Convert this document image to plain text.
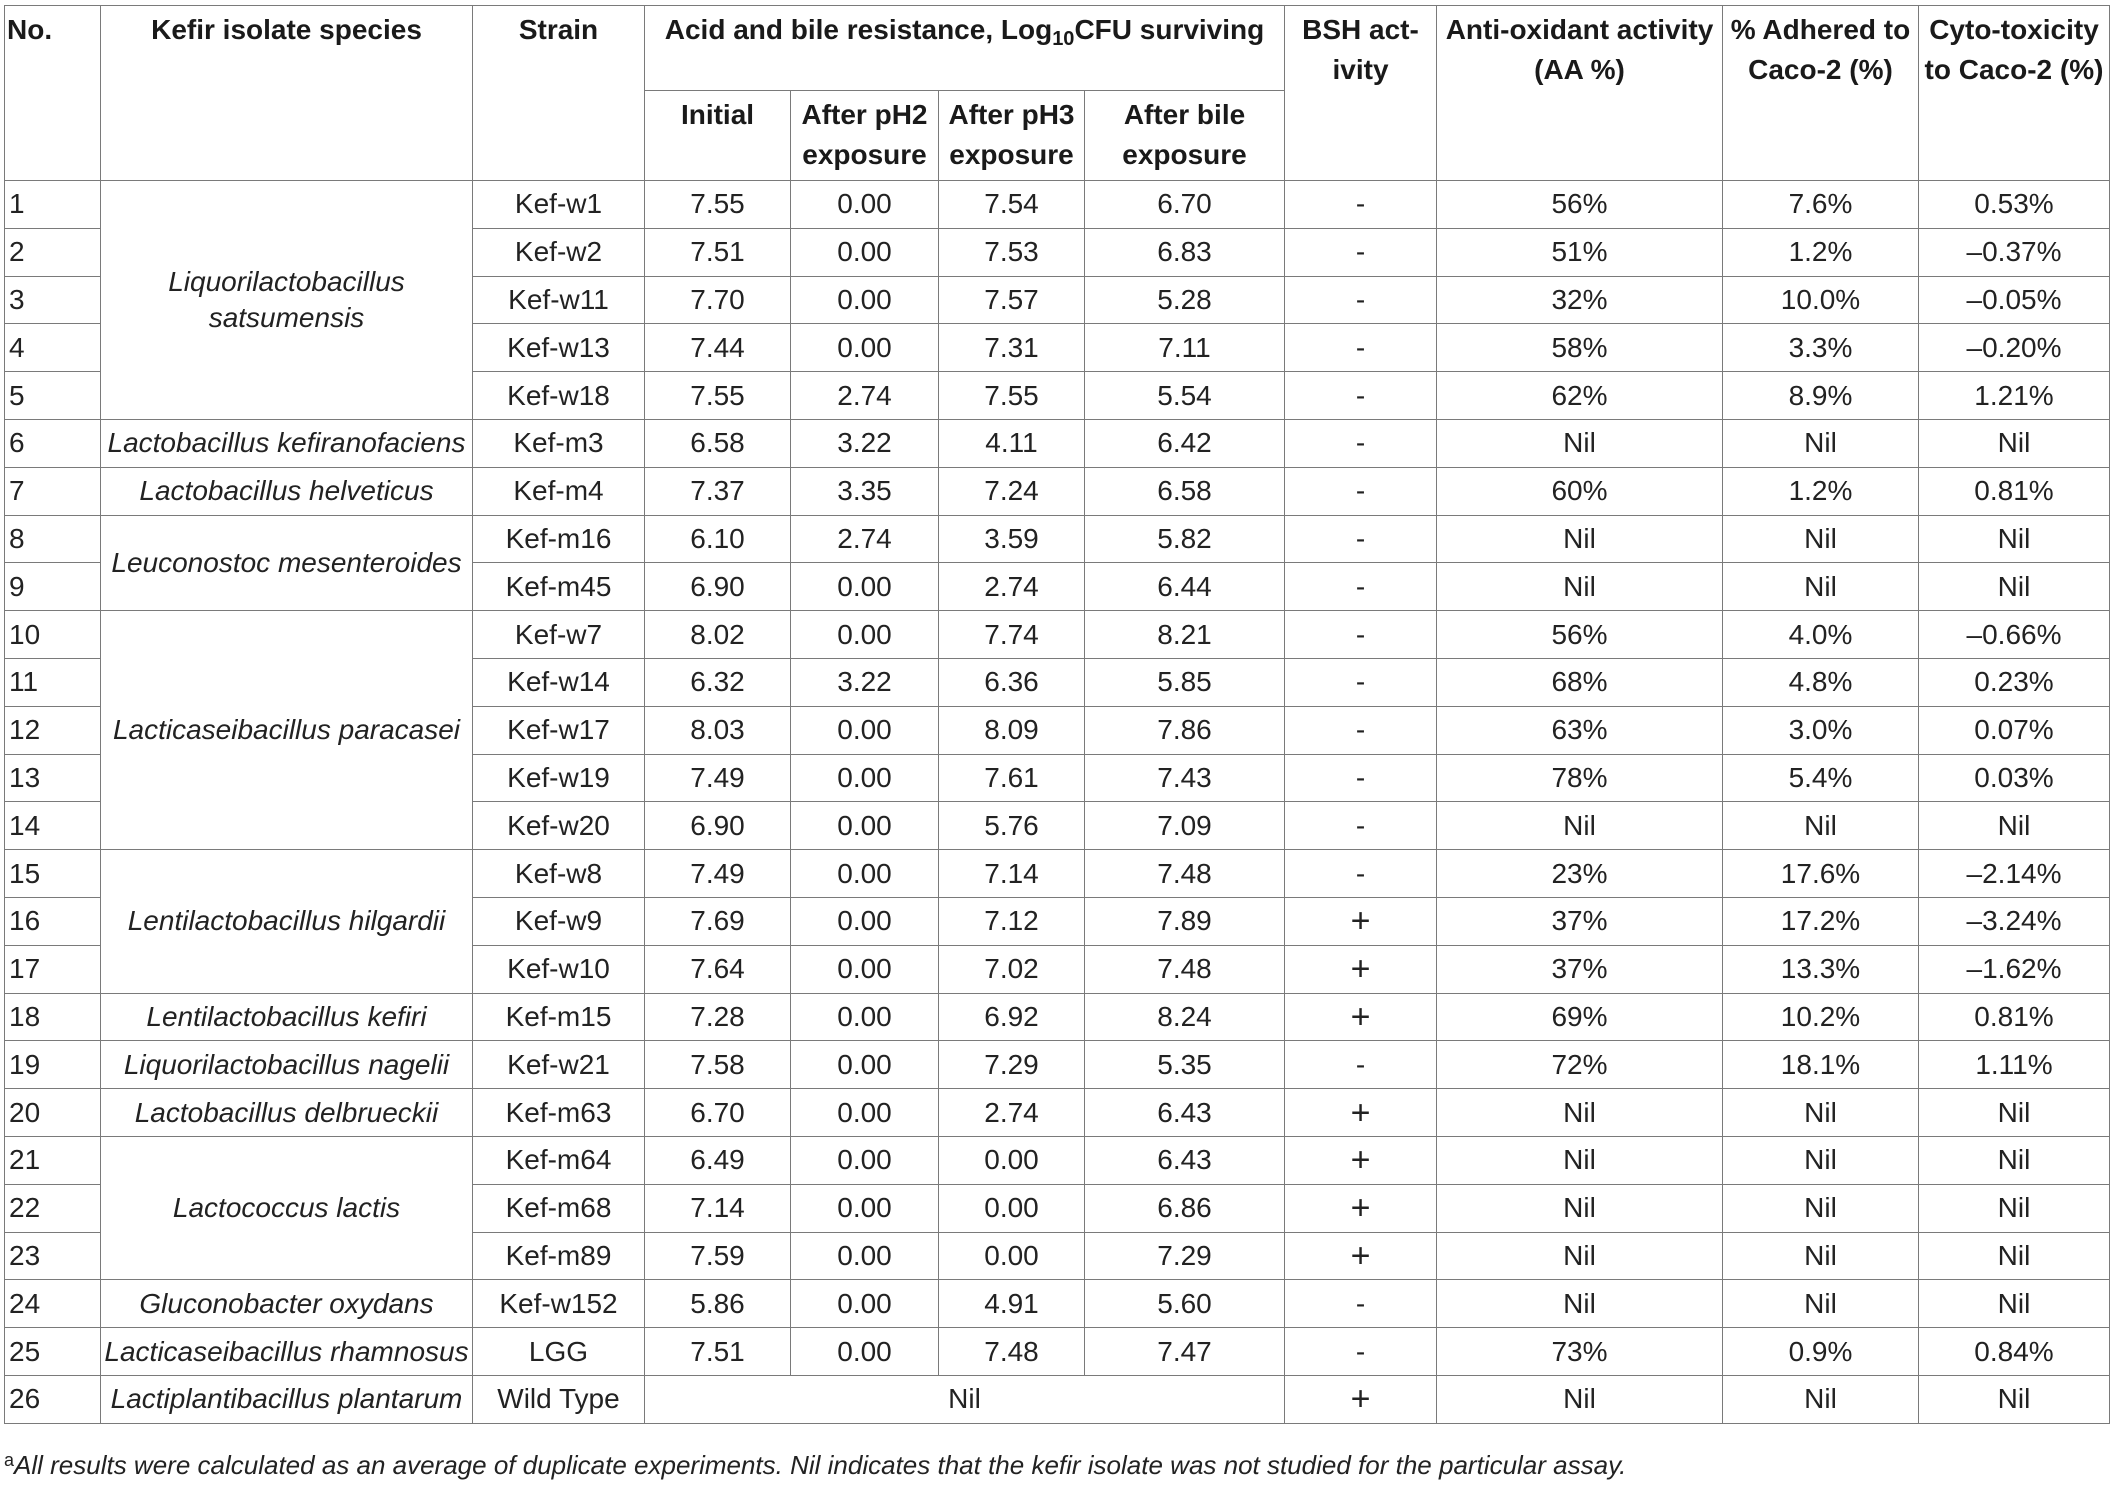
No.	Kefir isolate species	Strain	Acid and bile resistance, Log$_{10}$CFU surviving				BSH act-ivity	Anti-oxidant activity (AA %)	% Adhered to Caco-2 (%)	Cyto-toxicity to Caco-2 (%)
			Initial	After pH2 exposure	After pH3 exposure	After bile exposure				
1	Liquorilactobacillus satsumensis	Kef-w1	7.55	0.00	7.54	6.70	-	56%	7.6%	0.53%
2		Kef-w2	7.51	0.00	7.53	6.83	-	51%	1.2%	–0.37%
3		Kef-w11	7.70	0.00	7.57	5.28	-	32%	10.0%	–0.05%
4		Kef-w13	7.44	0.00	7.31	7.11	-	58%	3.3%	–0.20%
5		Kef-w18	7.55	2.74	7.55	5.54	-	62%	8.9%	1.21%
6	Lactobacillus kefiranofaciens	Kef-m3	6.58	3.22	4.11	6.42	-	Nil	Nil	Nil
7	Lactobacillus helveticus	Kef-m4	7.37	3.35	7.24	6.58	-	60%	1.2%	0.81%
8	Leuconostoc mesenteroides	Kef-m16	6.10	2.74	3.59	5.82	-	Nil	Nil	Nil
9		Kef-m45	6.90	0.00	2.74	6.44	-	Nil	Nil	Nil
10	Lacticaseibacillus paracasei	Kef-w7	8.02	0.00	7.74	8.21	-	56%	4.0%	–0.66%
11		Kef-w14	6.32	3.22	6.36	5.85	-	68%	4.8%	0.23%
12		Kef-w17	8.03	0.00	8.09	7.86	-	63%	3.0%	0.07%
13		Kef-w19	7.49	0.00	7.61	7.43	-	78%	5.4%	0.03%
14		Kef-w20	6.90	0.00	5.76	7.09	-	Nil	Nil	Nil
15	Lentilactobacillus hilgardii	Kef-w8	7.49	0.00	7.14	7.48	-	23%	17.6%	–2.14%
16		Kef-w9	7.69	0.00	7.12	7.89	+	37%	17.2%	–3.24%
17		Kef-w10	7.64	0.00	7.02	7.48	+	37%	13.3%	–1.62%
18	Lentilactobacillus kefiri	Kef-m15	7.28	0.00	6.92	8.24	+	69%	10.2%	0.81%
19	Liquorilactobacillus nagelii	Kef-w21	7.58	0.00	7.29	5.35	-	72%	18.1%	1.11%
20	Lactobacillus delbrueckii	Kef-m63	6.70	0.00	2.74	6.43	+	Nil	Nil	Nil
21	Lactococcus lactis	Kef-m64	6.49	0.00	0.00	6.43	+	Nil	Nil	Nil
22		Kef-m68	7.14	0.00	0.00	6.86	+	Nil	Nil	Nil
23		Kef-m89	7.59	0.00	0.00	7.29	+	Nil	Nil	Nil
24	Gluconobacter oxydans	Kef-w152	5.86	0.00	4.91	5.60	-	Nil	Nil	Nil
25	Lacticaseibacillus rhamnosus	LGG	7.51	0.00	7.48	7.47	-	73%	0.9%	0.84%
26	Lactiplantibacillus plantarum	Wild Type	Nil				+	Nil	Nil	Nil
$^a$All results were calculated as an average of duplicate experiments. Nil indicates that the kefir isolate was not studied for the particular assay.
